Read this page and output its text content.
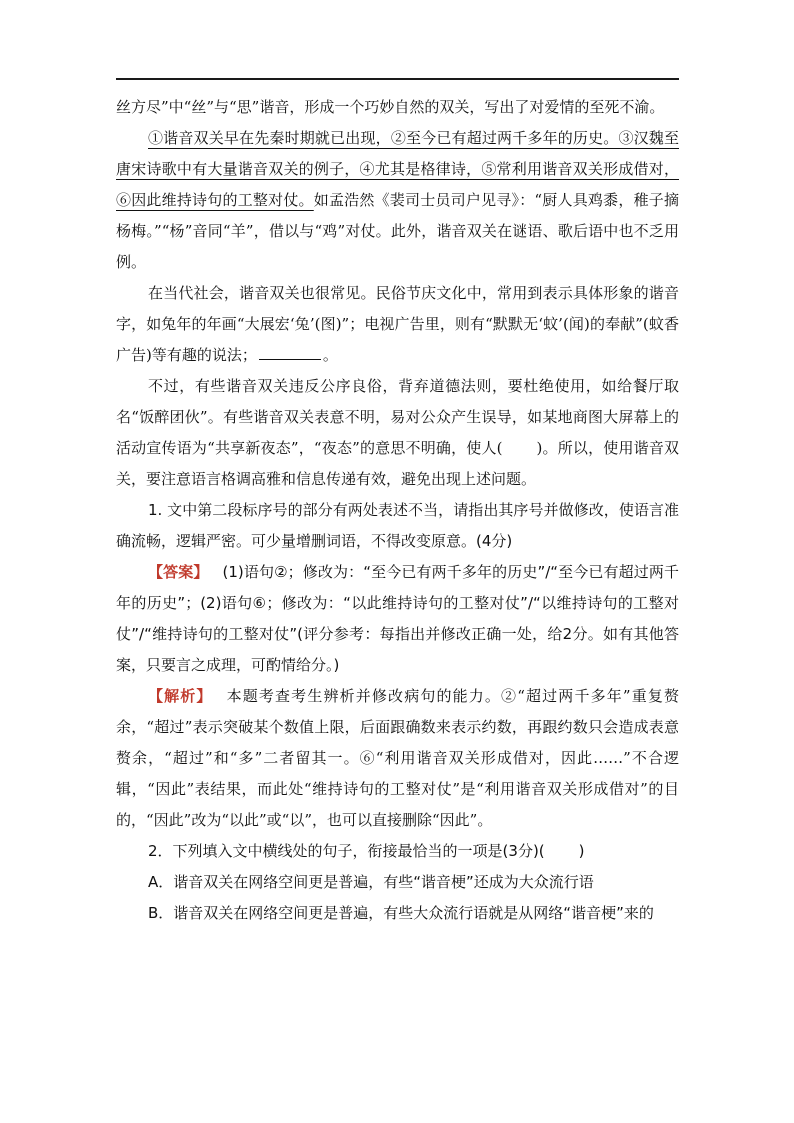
丝方尽”中“丝”与“思”谐音，形成一个巧妙自然的双关，写出了对爱情的至死不渝。

①谐音双关早在先秦时期就已出现，②至今已有超过两千多年的历史。③汉魏至唐宋诗歌中有大量谐音双关的例子，④尤其是格律诗，⑤常利用谐音双关形成借对，⑥因此维持诗句的工整对仗。如孟浩然《裴司士员司户见寻》：“厨人具鸡黍，稚子摘杨梅。”“杨”音同“羊”，借以与“鸡”对仗。此外，谐音双关在谜语、歌后语中也不乏用例。

在当代社会，谐音双关也很常见。民俗节庆文化中，常用到表示具体形象的谐音字，如兔年的年画“大展宏‘兔’(图)”；电视广告里，则有“默默无‘蚊’(闻)的奉献”(蚊香广告)等有趣的说法；	。

不过，有些谐音双关违反公序良俗，背弃道德法则，要杜绝使用，如给餐厅取名“饭醉团伙”。有些谐音双关表意不明，易对公众产生误导，如某地商图大屏幕上的活动宣传语为“共享新夜态”，“夜态”的意思不明确，使人( )。所以，使用谐音双关，要注意语言格调高雅和信息传递有效，避免出现上述问题。

1. 文中第二段标序号的部分有两处表述不当，请指出其序号并做修改，使语言准确流畅，逻辑严密。可少量增删词语，不得改变原意。(4分)

【答案】 (1)语句②；修改为：“至今已有两千多年的历史”/“至今已有超过两千年的历史”；(2)语句⑥；修改为：“以此维持诗句的工整对仗”/“以维持诗句的工整对仗”/“维持诗句的工整对仗”(评分参考：每指出并修改正确一处，给2分。如有其他答案，只要言之成理，可酌情给分。)

【解析】 本题考查考生辨析并修改病句的能力。②“超过两千多年”重复赘余，“超过”表示突破某个数值上限，后面跟确数来表示约数，再跟约数只会造成表意赘余，“超过”和“多”二者留其一。⑥“利用谐音双关形成借对，因此……”不合逻辑，“因此”表结果，而此处“维持诗句的工整对仗”是“利用谐音双关形成借对”的目的，“因此”改为“以此”或“以”，也可以直接删除“因此”。

2．下列填入文中横线处的句子，衔接最恰当的一项是(3分)( )

A．谐音双关在网络空间更是普遍，有些“谐音梗”还成为大众流行语

B．谐音双关在网络空间更是普遍，有些大众流行语就是从网络“谐音梗”来的
